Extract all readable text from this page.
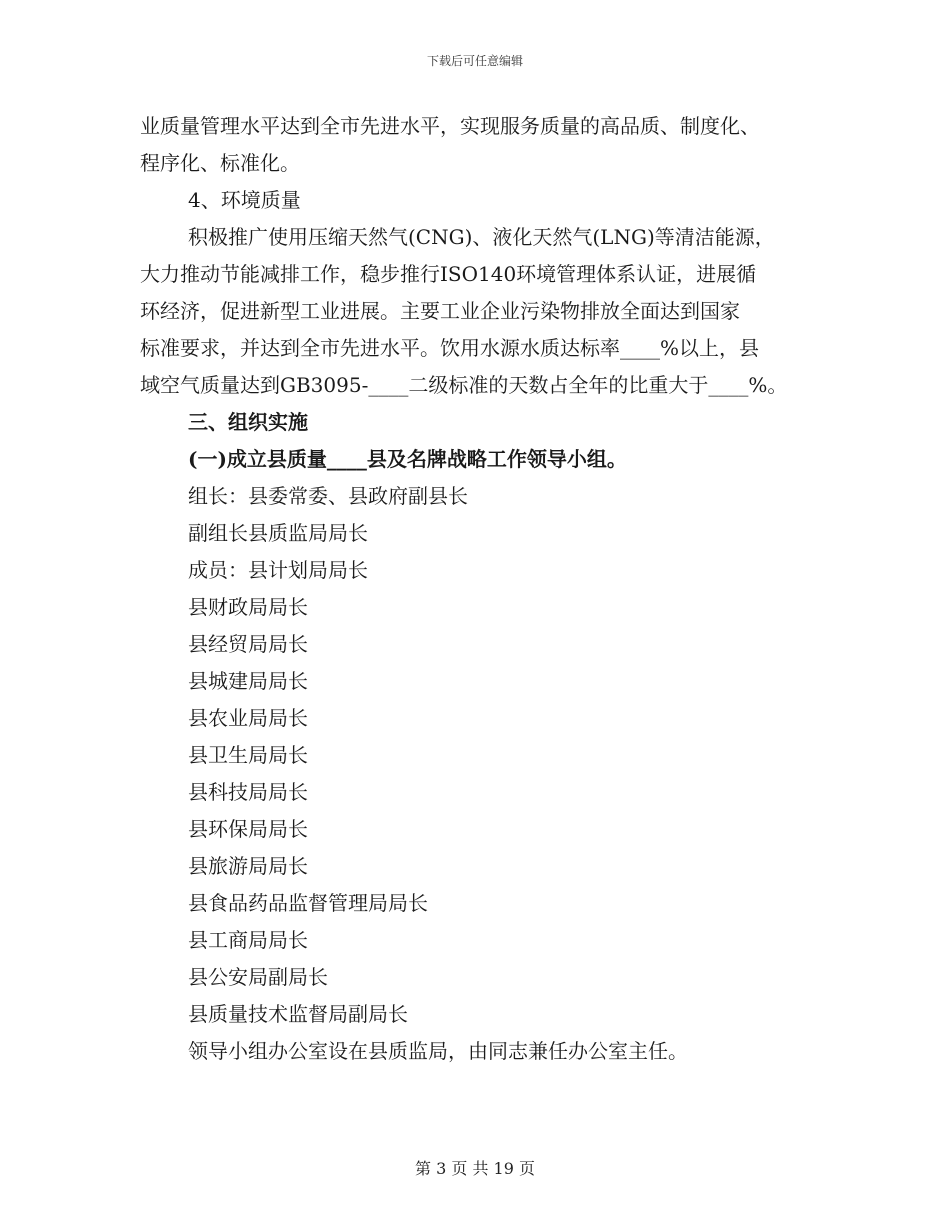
下载后可任意编辑
业质量管理水平达到全市先进水平，实现服务质量的高品质、制度化、
程序化、标准化。
4、环境质量
积极推广使用压缩天然气(CNG)、液化天然气(LNG)等清洁能源，
大力推动节能减排工作，稳步推行ISO140环境管理体系认证，进展循
环经济，促进新型工业进展。主要工业企业污染物排放全面达到国家
标准要求，并达到全市先进水平。饮用水源水质达标率____%以上，县
域空气质量达到GB3095-____二级标准的天数占全年的比重大于____%。
三、组织实施
(一)成立县质量____县及名牌战略工作领导小组。
组长：县委常委、县政府副县长
副组长县质监局局长
成员：县计划局局长
县财政局局长
县经贸局局长
县城建局局长
县农业局局长
县卫生局局长
县科技局局长
县环保局局长
县旅游局局长
县食品药品监督管理局局长
县工商局局长
县公安局副局长
县质量技术监督局副局长
领导小组办公室设在县质监局，由同志兼任办公室主任。
第 3 页 共 19 页
